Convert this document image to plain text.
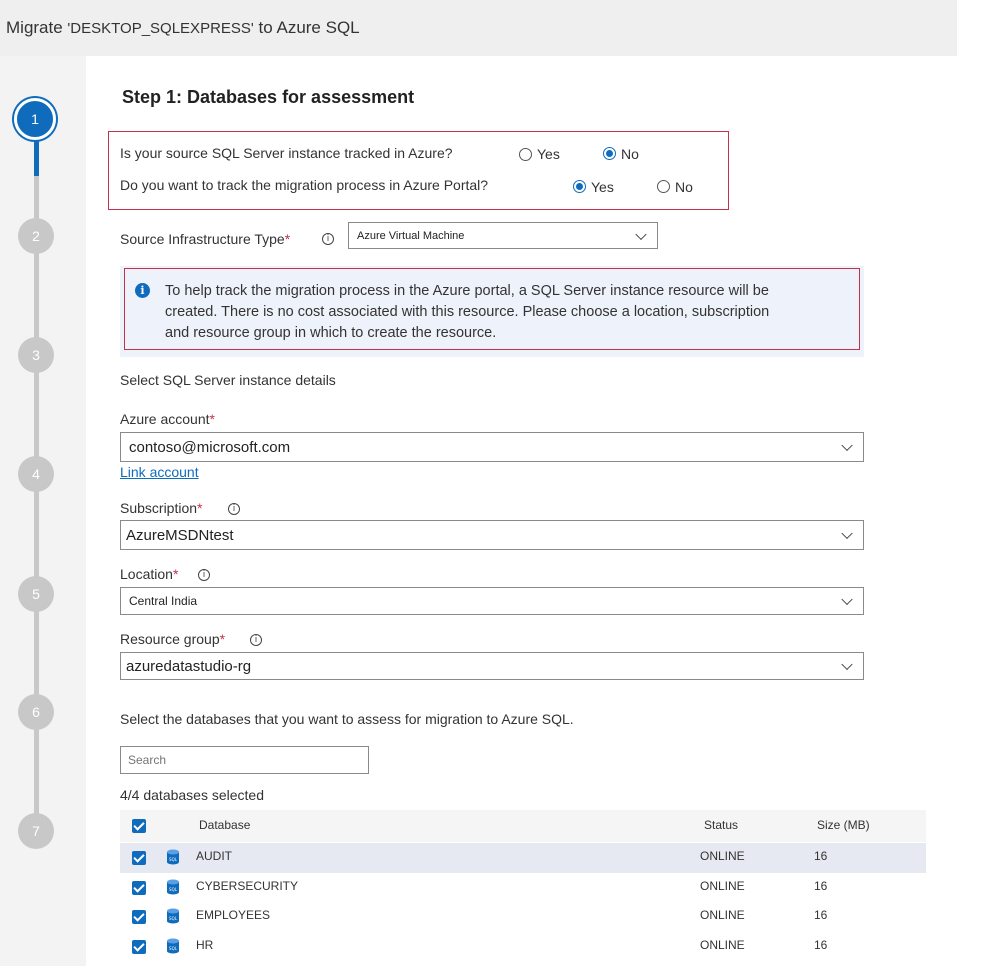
Migrate 'DESKTOP_SQLEXPRESS' to Azure SQL
1
2
3
4
5
6
7
Step 1: Databases for assessment
Is your source SQL Server instance tracked in Azure?	Yes	No
Do you want to track the migration process in Azure Portal?	Yes	No
Source Infrastructure Type*	i	Azure Virtual Machine
i	To help track the migration process in the Azure portal, a SQL Server instance resource will be
created. There is no cost associated with this resource. Please choose a location, subscription
and resource group in which to create the resource.
Select SQL Server instance details
Azure account*
contoso@microsoft.com
Link account
Subscription*	i
AzureMSDNtest
Location*	i
Central India
Resource group*	i
azuredatastudio-rg
Select the databases that you want to assess for migration to Azure SQL.
Search
4/4 databases selected
Database	Status	Size (MB)
SQL AUDIT	ONLINE	16
SQL CYBERSECURITY	ONLINE	16
SQL EMPLOYEES	ONLINE	16
SQL HR	ONLINE	16
